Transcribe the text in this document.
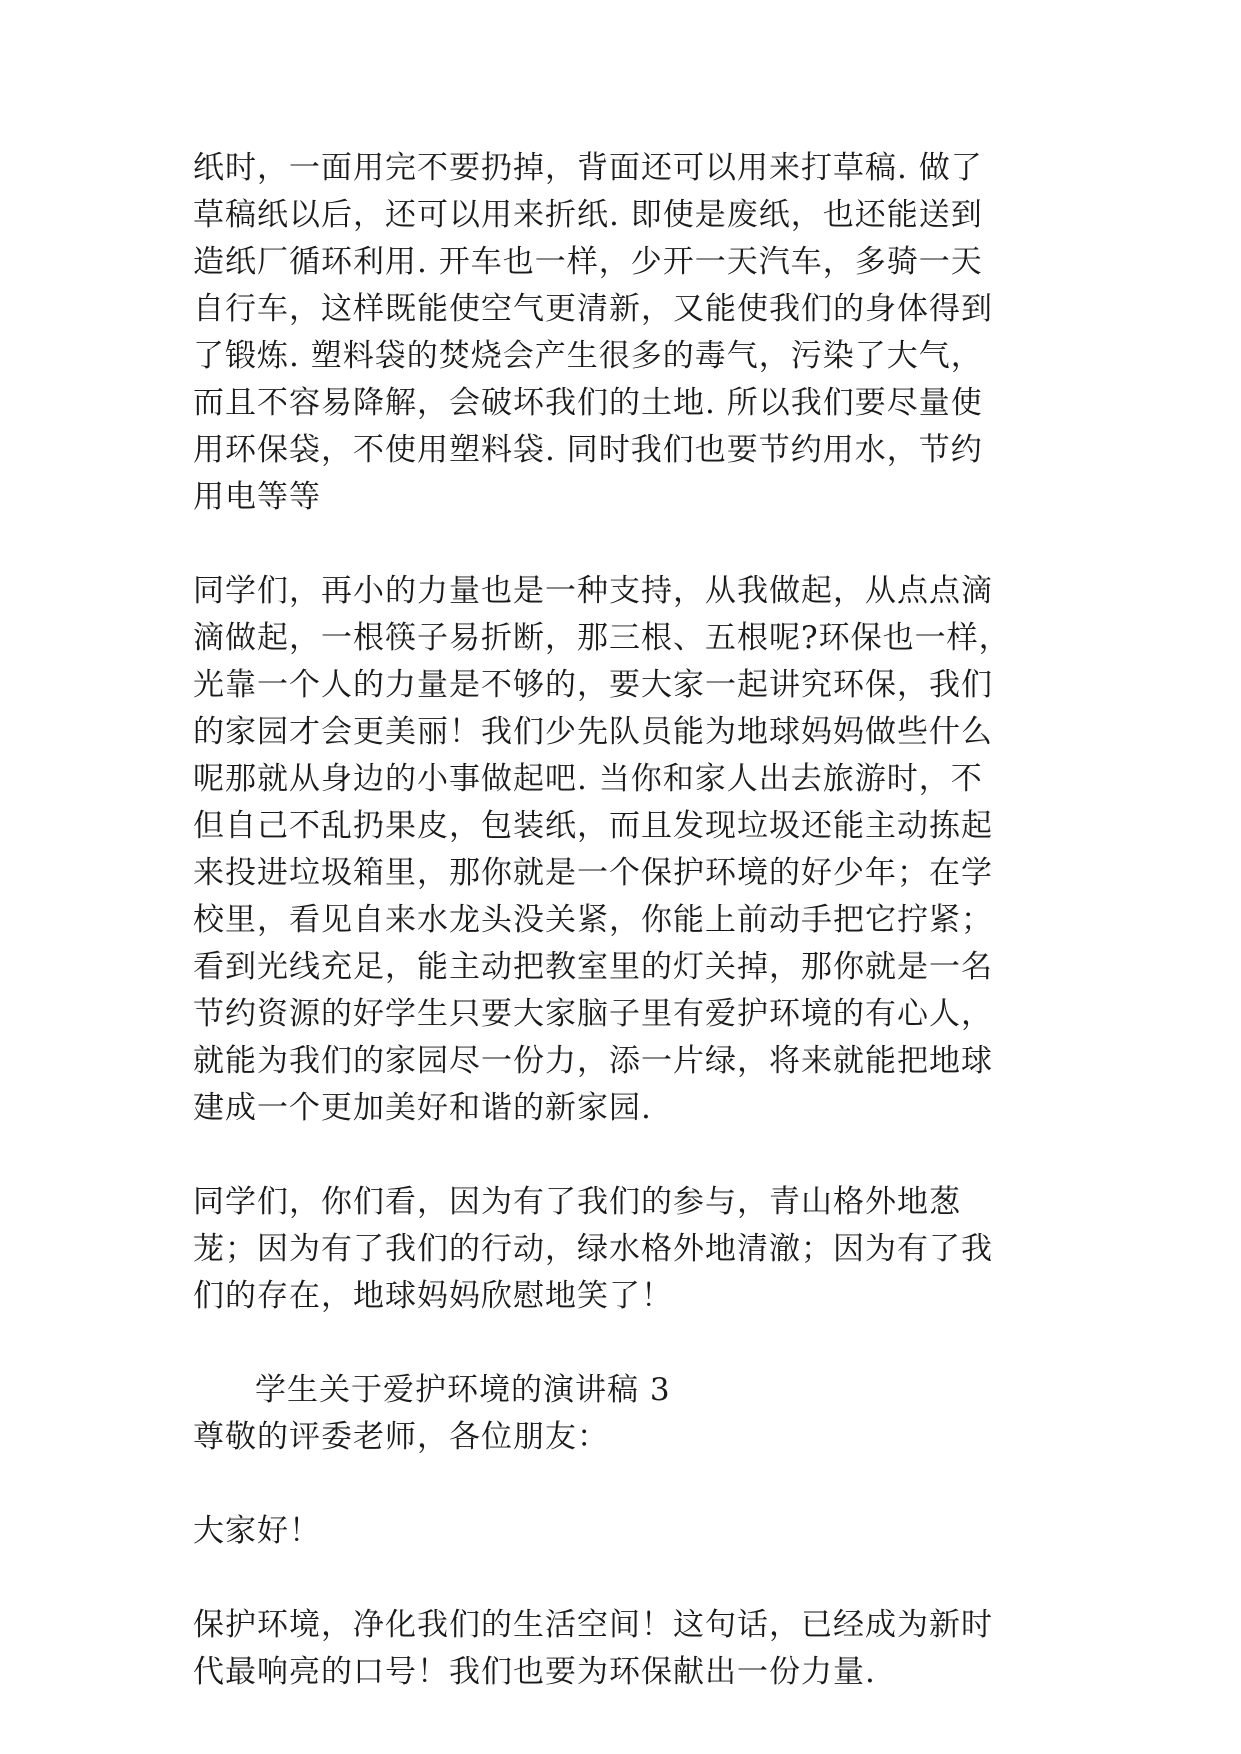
纸时，一面用完不要扔掉，背面还可以用来打草稿. 做了
草稿纸以后，还可以用来折纸. 即使是废纸，也还能送到
造纸厂循环利用. 开车也一样，少开一天汽车，多骑一天
自行车，这样既能使空气更清新，又能使我们的身体得到
了锻炼. 塑料袋的焚烧会产生很多的毒气，污染了大气，
而且不容易降解，会破坏我们的土地. 所以我们要尽量使
用环保袋，不使用塑料袋. 同时我们也要节约用水，节约
用电等等
同学们，再小的力量也是一种支持，从我做起，从点点滴
滴做起，一根筷子易折断，那三根、五根呢?环保也一样，
光靠一个人的力量是不够的，要大家一起讲究环保，我们
的家园才会更美丽！我们少先队员能为地球妈妈做些什么
呢那就从身边的小事做起吧. 当你和家人出去旅游时，不
但自己不乱扔果皮，包装纸，而且发现垃圾还能主动拣起
来投进垃圾箱里，那你就是一个保护环境的好少年；在学
校里，看见自来水龙头没关紧，你能上前动手把它拧紧；
看到光线充足，能主动把教室里的灯关掉，那你就是一名
节约资源的好学生只要大家脑子里有爱护环境的有心人，
就能为我们的家园尽一份力，添一片绿，将来就能把地球
建成一个更加美好和谐的新家园.
同学们，你们看，因为有了我们的参与，青山格外地葱
茏；因为有了我们的行动，绿水格外地清澈；因为有了我
们的存在，地球妈妈欣慰地笑了！
学生关于爱护环境的演讲稿 3
尊敬的评委老师，各位朋友：
大家好！
保护环境，净化我们的生活空间！这句话，已经成为新时
代最响亮的口号！我们也要为环保献出一份力量.
